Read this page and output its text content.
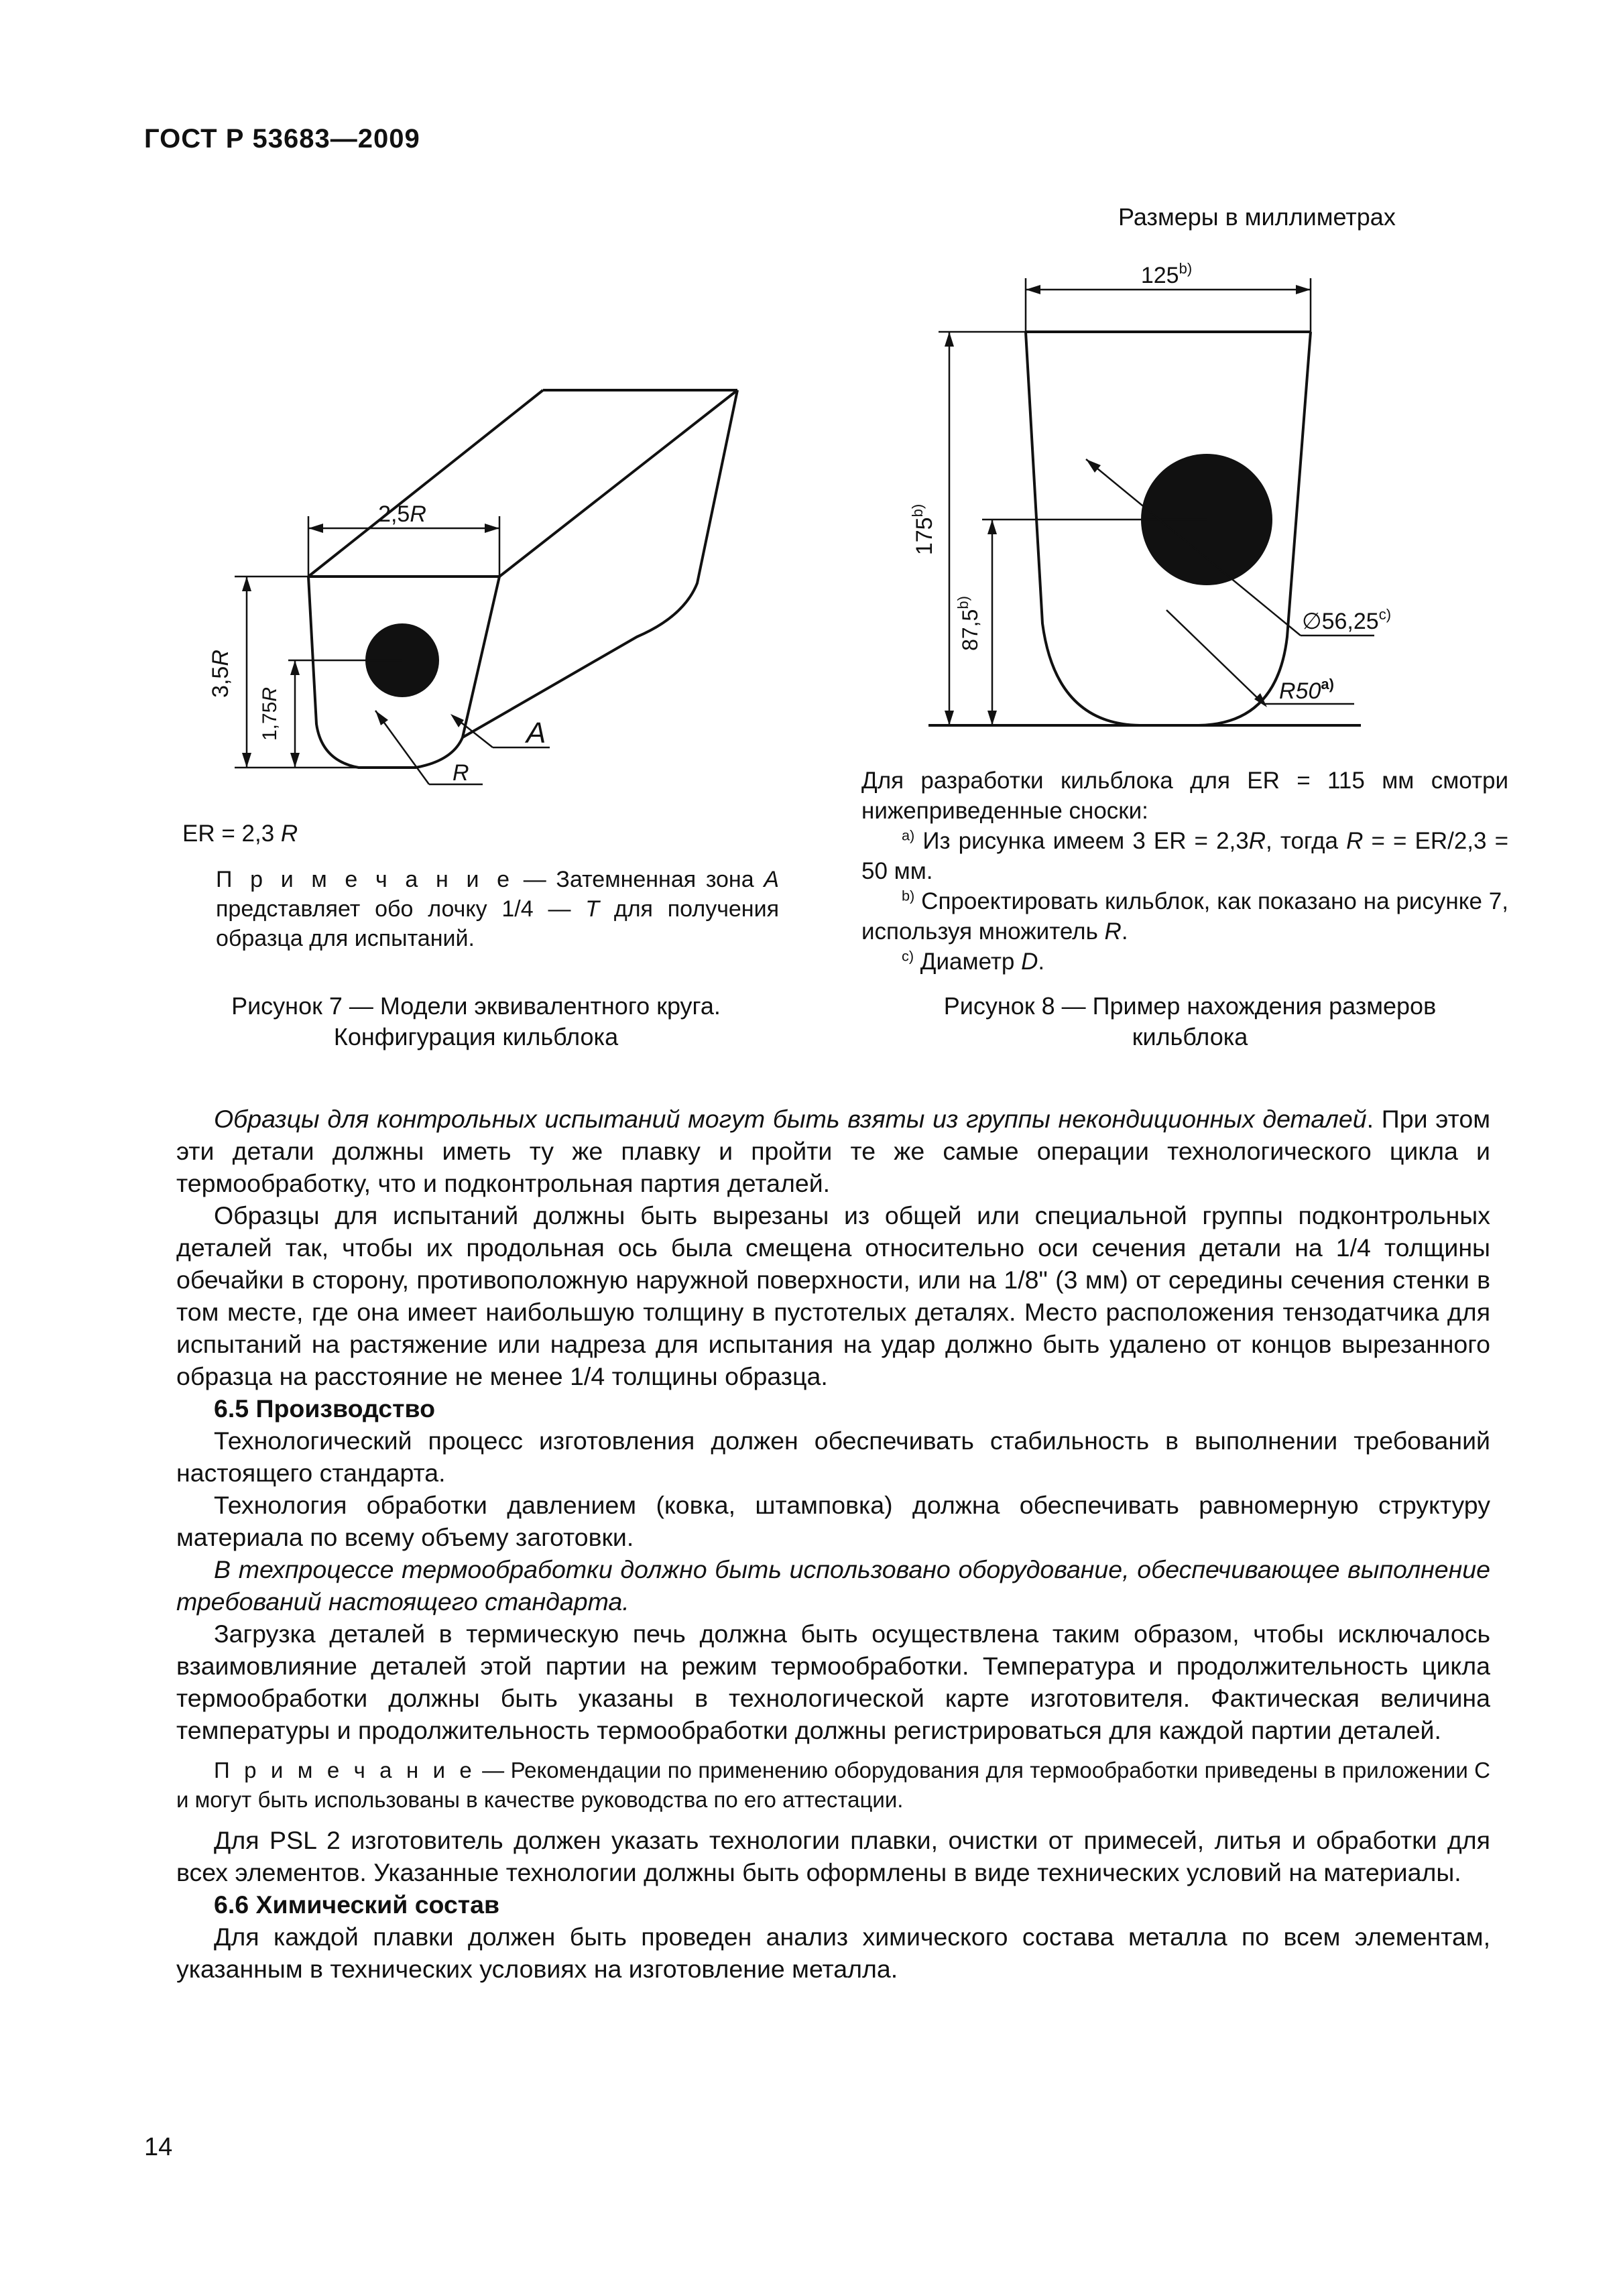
ГОСТ Р 53683—2009
2,5R
3,5R
1,75R
R
A
ER = 2,3 R
П р и м е ч а н и е — Затемненная зона A представляет обо лочку 1/4 — T для получения образца для испытаний.
Рисунок 7 — Модели эквивалентного круга.
Конфигурация кильблока
Размеры в миллиметрах
125$^{b)}$
175$^{b)}$
87,5$^{b)}$
∅56,25$^{c)}$
R50$^{a)}$
Для разработки кильблока для ER = 115 мм смотри нижеприведенные сноски:
$^{а)}$ Из рисунка имеем 3 ER = 2,3R, тогда R = = ER/2,3 = 50 мм.
$^{b)}$ Спроектировать кильблок, как показано на рисунке 7, используя множитель R.
$^{c)}$ Диаметр D.
Рисунок 8 — Пример нахождения размеров
кильблока

Образцы для контрольных испытаний могут быть взяты из группы некондиционных деталей. При этом эти детали должны иметь ту же плавку и пройти те же самые операции технологического цикла и термообработку, что и подконтрольная партия деталей.

Образцы для испытаний должны быть вырезаны из общей или специальной группы подконтрольных деталей так, чтобы их продольная ось была смещена относительно оси сечения детали на 1/4 толщины обечайки в сторону, противоположную наружной поверхности, или на 1/8" (3 мм) от середины сечения стенки в том месте, где она имеет наибольшую толщину в пустотелых деталях. Место расположения тензодатчика для испытаний на растяжение или надреза для испытания на удар должно быть удалено от концов вырезанного образца на расстояние не менее 1/4 толщины образца.

6.5 Производство

Технологический процесс изготовления должен обеспечивать стабильность в выполнении требований настоящего стандарта.

Технология обработки давлением (ковка, штамповка) должна обеспечивать равномерную структуру материала по всему объему заготовки.

В техпроцессе термообработки должно быть использовано оборудование, обеспечивающее выполнение требований настоящего стандарта.

Загрузка деталей в термическую печь должна быть осуществлена таким образом, чтобы исключалось взаимовлияние деталей этой партии на режим термообработки. Температура и продолжительность цикла термообработки должны быть указаны в технологической карте изготовителя. Фактическая величина температуры и продолжительность термообработки должны регистрироваться для каждой партии деталей.

П р и м е ч а н и е — Рекомендации по применению оборудования для термообработки приведены в приложении С и могут быть использованы в качестве руководства по его аттестации.

Для PSL 2 изготовитель должен указать технологии плавки, очистки от примесей, литья и обработки для всех элементов. Указанные технологии должны быть оформлены в виде технических условий на материалы.

6.6 Химический состав

Для каждой плавки должен быть проведен анализ химического состава металла по всем элементам, указанным в технических условиях на изготовление металла.

14
